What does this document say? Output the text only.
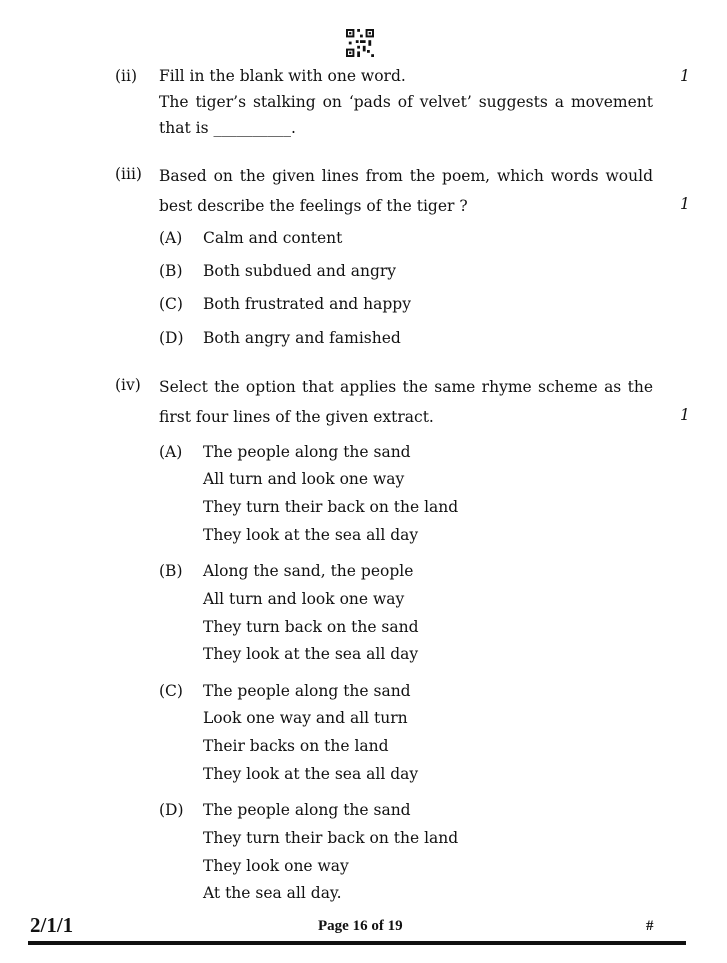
(ii) Fill in the blank with one word.
The tiger’s stalking on ‘pads of velvet’ suggests a movement that is __________.
1
(iii) Based on the given lines from the poem, which words would best describe the feelings of the tiger ?	1
(A) Calm and content
(B) Both subdued and angry
(C) Both frustrated and happy
(D) Both angry and famished
(iv) Select the option that applies the same rhyme scheme as the first four lines of the given extract.	1
(A) The people along the sand
All turn and look one way
They turn their back on the land
They look at the sea all day
(B) Along the sand, the people
All turn and look one way
They turn back on the sand
They look at the sea all day
(C) The people along the sand
Look one way and all turn
Their backs on the land
They look at the sea all day
(D) The people along the sand
They turn their back on the land
They look one way
At the sea all day.
2/1/1	Page 16 of 19	#
